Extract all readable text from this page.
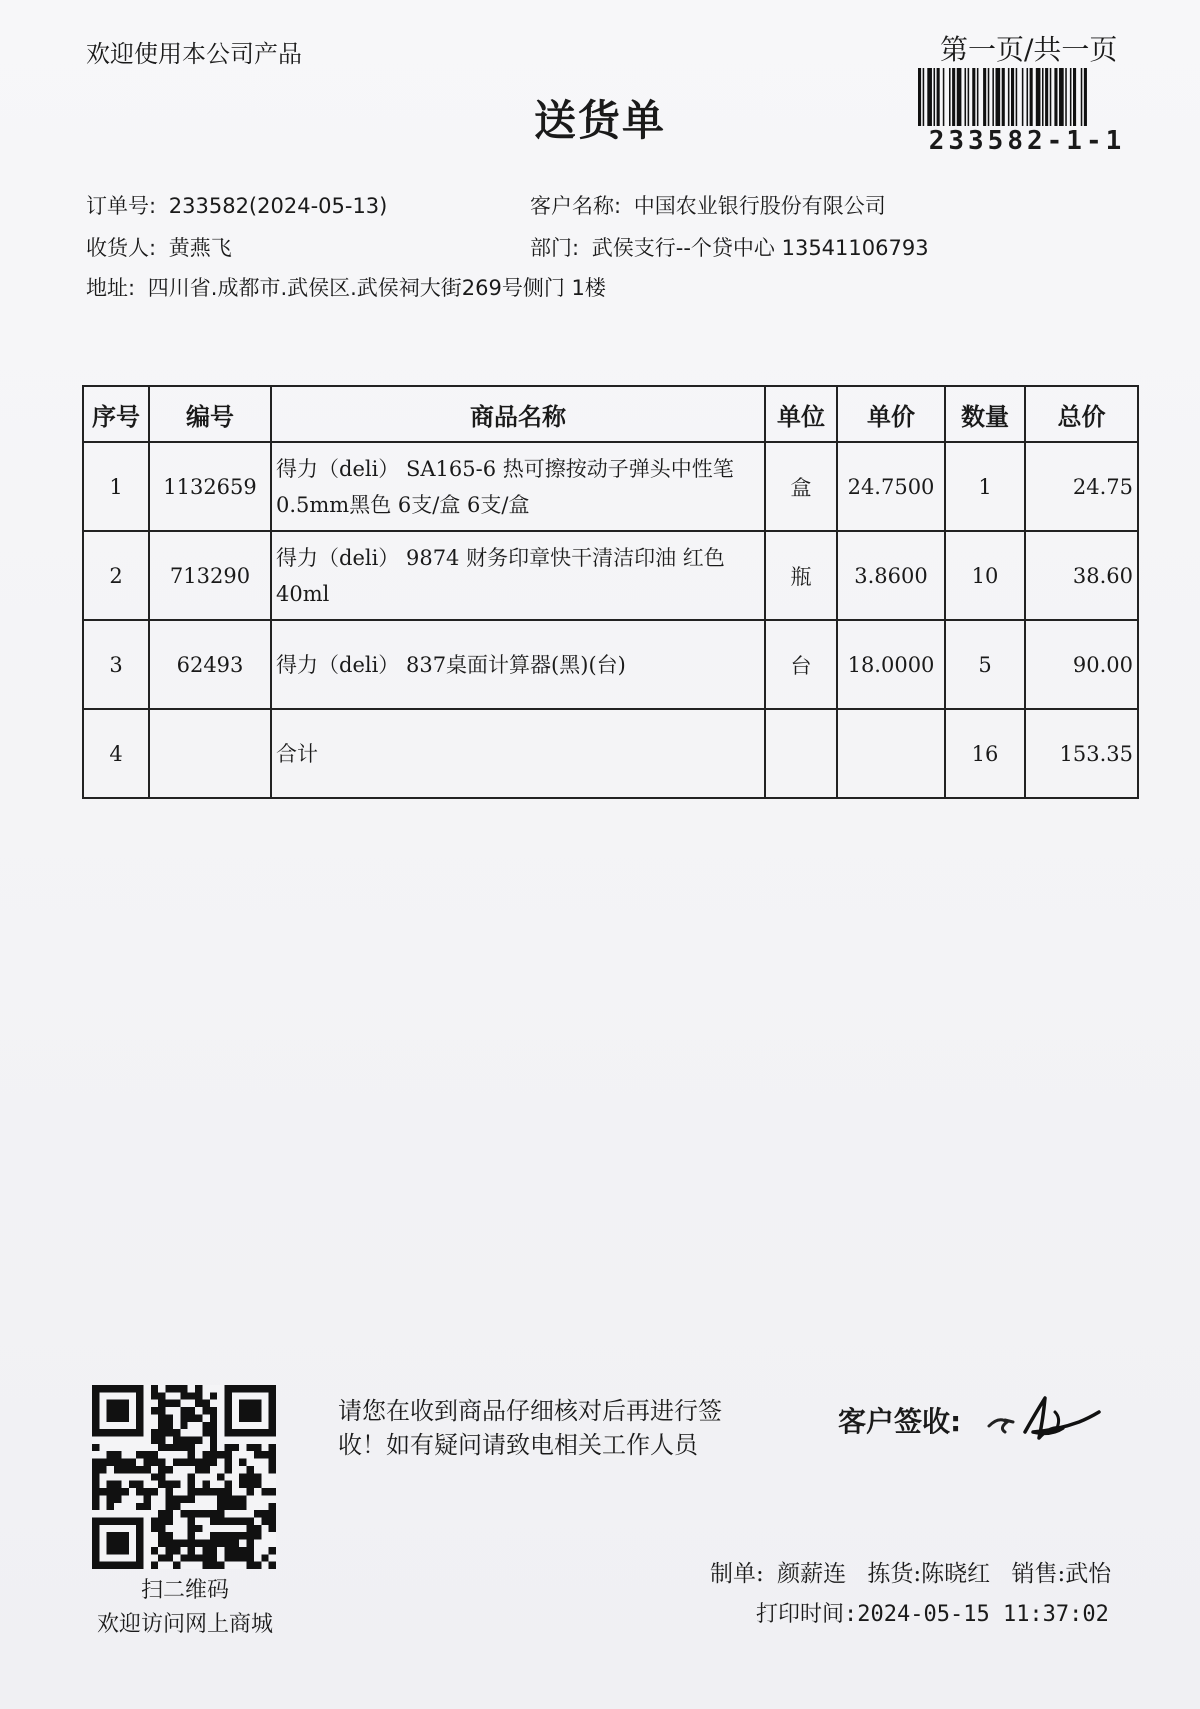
欢迎使用本公司产品	第一页/共一页
送货单	233582-1-1
订单号: 233582(2024-05-13)
收货人: 黄燕飞
地址: 四川省.成都市.武侯区.武侯祠大街269号侧门 1楼
客户名称: 中国农业银行股份有限公司
部门: 武侯支行--个贷中心 13541106793
序号	编号	商品名称	单位	单价	数量	总价
1	1132659	得力（deli） SA165-6 热可擦按动子弹头中性笔0.5mm黑色 6支/盒 6支/盒	盒	24.7500	1	24.75
2	713290	得力（deli） 9874 财务印章快干清洁印油 红色40ml	瓶	3.8600	10	38.60
3	62493	得力（deli） 837桌面计算器(黑)(台)	台	18.0000	5	90.00
4		合计			16	153.35
扫二维码
欢迎访问网上商城
请您在收到商品仔细核对后再进行签收！如有疑问请致电相关工作人员
客户签收:
制单: 颜薪连 拣货:陈晓红 销售:武怡
打印时间:2024-05-15 11:37:02
